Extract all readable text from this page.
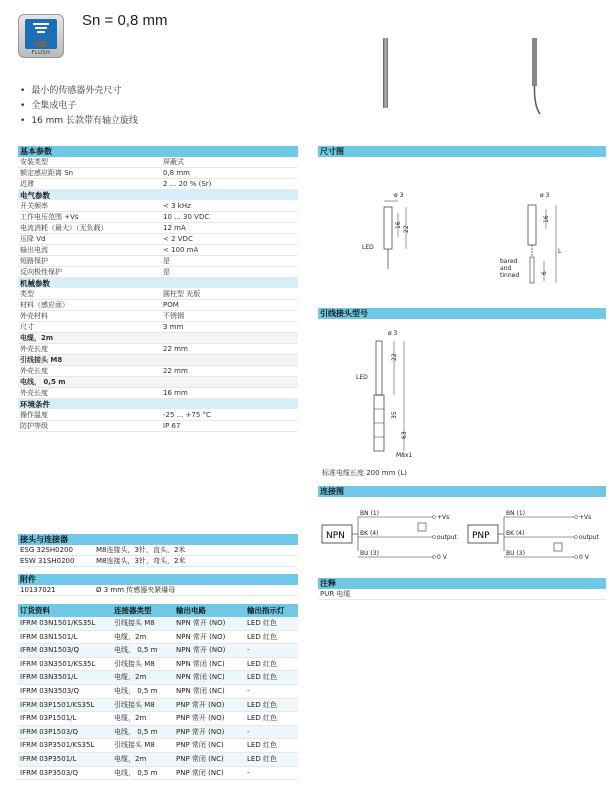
FLUSH
Sn = 0,8 mm
• 最小的传感器外壳尺寸
• 全集成电子
• 16 mm 长款带有轴立旋线
基本参数
安装类型	屏蔽式
额定感应距离 Sn	0,8 mm
迟滞	2 ... 20 % (Sr)
电气参数
开关频率	< 3 kHz
工作电压范围 +Vs	10 ... 30 VDC
电流消耗（最大）（无负载）	12 mA
压降 Vd	< 2 VDC
输出电流	< 100 mA
短路保护	是
反向极性保护	是
机械参数
类型	圆柱型 光版
材料（感应面）	POM
外壳材料	不锈钢
尺寸	3 mm
电缆，2m
外壳长度	22 mm
引线接头 M8
外壳长度	22 mm
电线， 0,5 m
外壳长度	16 mm
环境条件
操作温度	-25 ... +75 °C
防护等级	IP 67
接头与连接器
ESG 32SH0200	M8连接头，3针，直头，2米
ESW 31SH0200	M8连接头，3针，弯头，2米
附件
10137021	Ø 3 mm 传感器夹紧爆母
订货资料	连接器类型	输出电路	输出指示灯
IFRM 03N1501/KS35L	引线接头 M8	NPN 常开 (NO)	LED 红色
IFRM 03N1501/L	电缆，2m	NPN 常开 (NO)	LED 红色
IFRM 03N1503/Q	电线， 0,5 m	NPN 常开 (NO)	-
IFRM 03N3501/KS35L	引线接头 M8	NPN 常闭 (NC)	LED 红色
IFRM 03N3501/L	电缆，2m	NPN 常闭 (NC)	LED 红色
IFRM 03N3503/Q	电线， 0,5 m	NPN 常闭 (NC)	-
IFRM 03P1501/KS35L	引线接头 M8	PNP 常开 (NO)	LED 红色
IFRM 03P1501/L	电缆，2m	PNP 常开 (NO)	LED 红色
IFRM 03P1503/Q	电线， 0,5 m	PNP 常开 (NO)	-
IFRM 03P3501/KS35L	引线接头 M8	PNP 常闭 (NC)	LED 红色
IFRM 03P3501/L	电缆，2m	PNP 常闭 (NC)	LED 红色
IFRM 03P3503/Q	电线， 0,5 m	PNP 常闭 (NC)	-
尺寸图
ø 3
LED
16
22
ø 3
16
L
6
bared
and
tinned
引线接头型号
ø 3
LED
22
35
63
M8x1
标准电缆长度 200 mm (L)
连接图
NPN
BN (1)
BK (4)
BU (3)
+Vs
output
0 V
PNP
BN (1)
BK (4)
BU (3)
+Vs
output
0 V
注释
PUR 电缆
